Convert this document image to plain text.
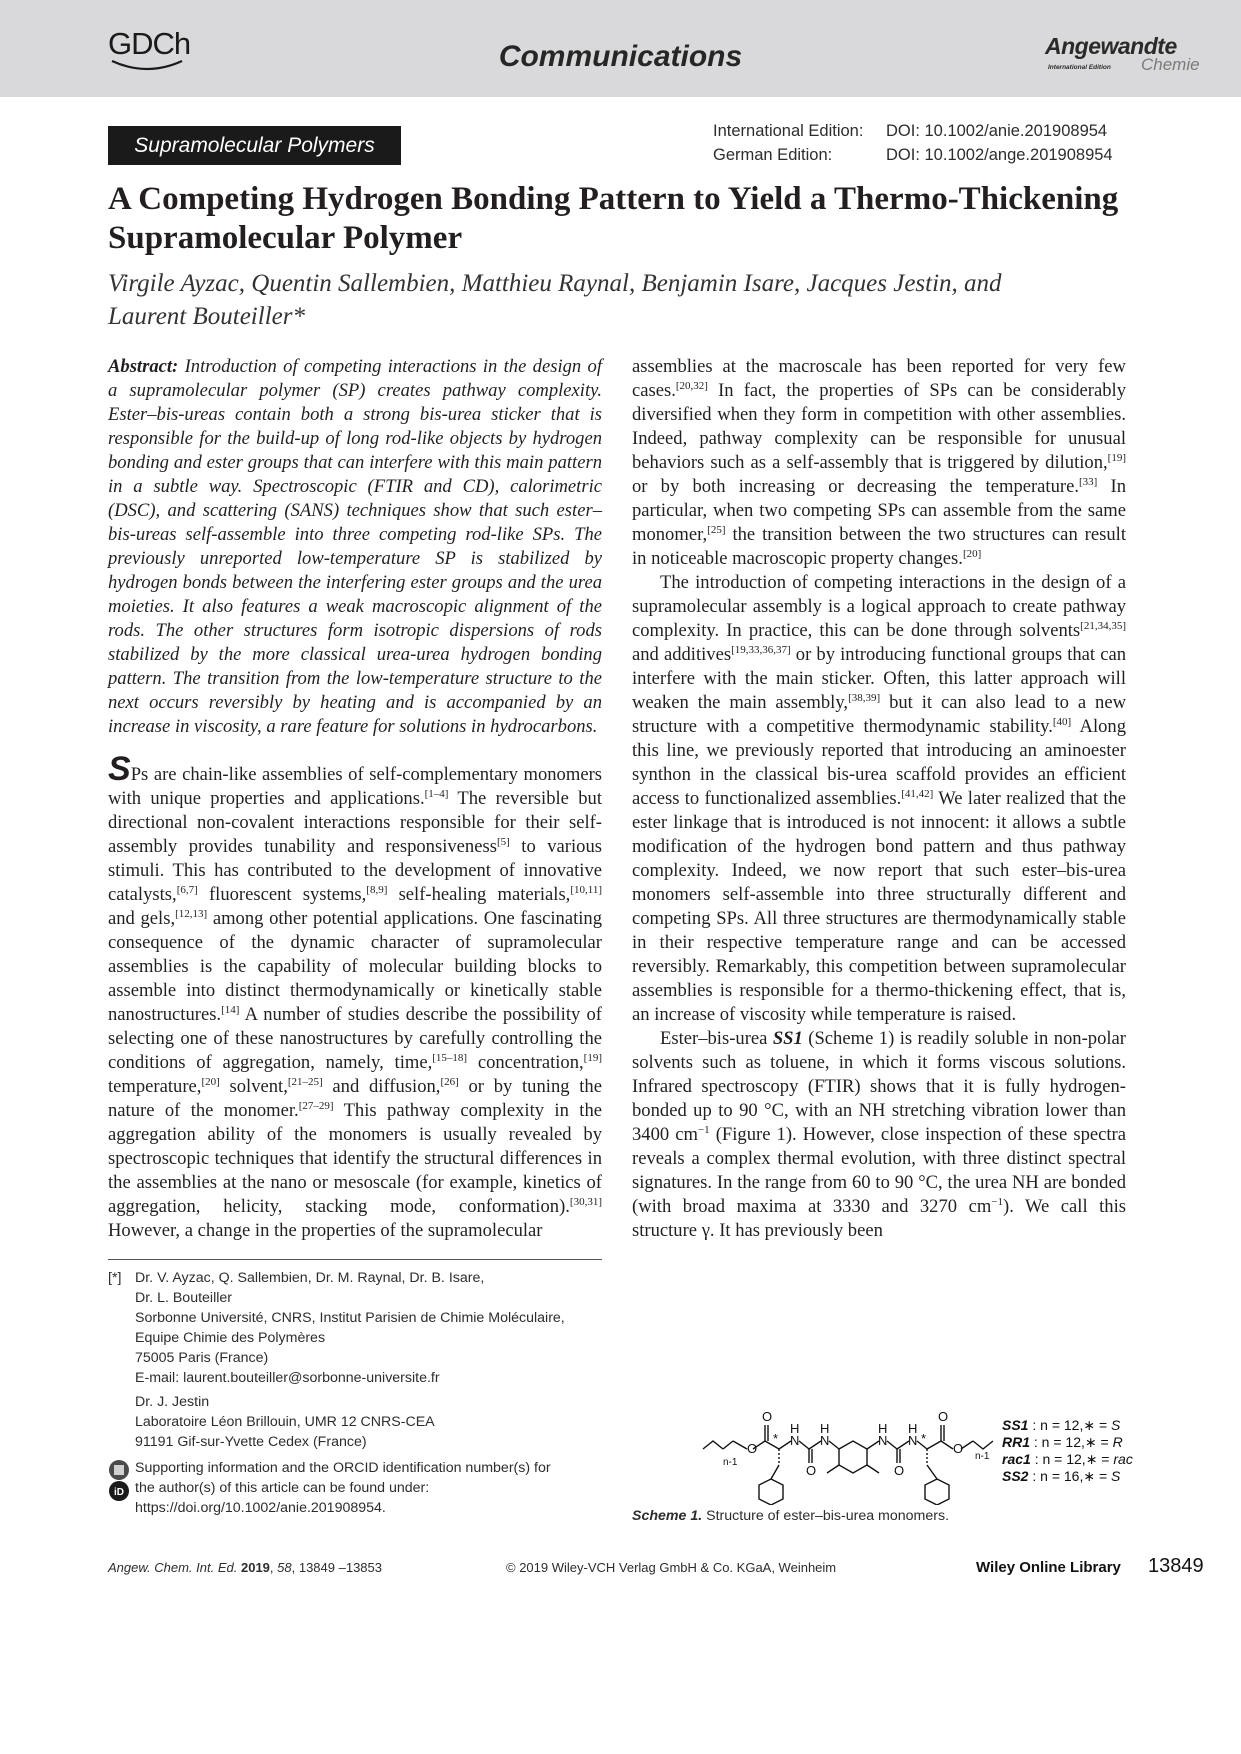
GDCh	Communications	Angewandte
International Edition Chemie
Supramolecular Polymers
International Edition: DOI: 10.1002/anie.201908954
German Edition:	DOI: 10.1002/ange.201908954
A Competing Hydrogen Bonding Pattern to Yield a Thermo-Thickening Supramolecular Polymer
Virgile Ayzac, Quentin Sallembien, Matthieu Raynal, Benjamin Isare, Jacques Jestin, and
Laurent Bouteiller*

Abstract: Introduction of competing interactions in the design of a supramolecular polymer (SP) creates pathway complexity. Ester–bis-ureas contain both a strong bis-urea sticker that is responsible for the build-up of long rod-like objects by hydrogen bonding and ester groups that can interfere with this main pattern in a subtle way. Spectroscopic (FTIR and CD), calorimetric (DSC), and scattering (SANS) techniques show that such ester–bis-ureas self-assemble into three competing rod-like SPs. The previously unreported low-temperature SP is stabilized by hydrogen bonds between the interfering ester groups and the urea moieties. It also features a weak macroscopic alignment of the rods. The other structures form isotropic dispersions of rods stabilized by the more classical urea-urea hydrogen bonding pattern. The transition from the low-temperature structure to the next occurs reversibly by heating and is accompanied by an increase in viscosity, a rare feature for solutions in hydrocarbons.

SPs are chain-like assemblies of self-complementary monomers with unique properties and applications.[1–4] The reversible but directional non-covalent interactions responsible for their self-assembly provides tunability and responsiveness[5] to various stimuli. This has contributed to the development of innovative catalysts,[6,7] fluorescent systems,[8,9] self-healing materials,[10,11] and gels,[12,13] among other potential applications. One fascinating consequence of the dynamic character of supramolecular assemblies is the capability of molecular building blocks to assemble into distinct thermodynamically or kinetically stable nanostructures.[14] A number of studies describe the possibility of selecting one of these nanostructures by carefully controlling the conditions of aggregation, namely, time,[15–18] concentration,[19] temperature,[20] solvent,[21–25] and diffusion,[26] or by tuning the nature of the monomer.[27–29] This pathway complexity in the aggregation ability of the monomers is usually revealed by spectroscopic techniques that identify the structural differences in the assemblies at the nano or mesoscale (for example, kinetics of aggregation, helicity, stacking mode, conformation).[30,31] However, a change in the properties of the supramolecular

assemblies at the macroscale has been reported for very few cases.[20,32] In fact, the properties of SPs can be considerably diversified when they form in competition with other assemblies. Indeed, pathway complexity can be responsible for unusual behaviors such as a self-assembly that is triggered by dilution,[19] or by both increasing or decreasing the temperature.[33] In particular, when two competing SPs can assemble from the same monomer,[25] the transition between the two structures can result in noticeable macroscopic property changes.[20]

The introduction of competing interactions in the design of a supramolecular assembly is a logical approach to create pathway complexity. In practice, this can be done through solvents[21,34,35] and additives[19,33,36,37] or by introducing functional groups that can interfere with the main sticker. Often, this latter approach will weaken the main assembly,[38,39] but it can also lead to a new structure with a competitive thermodynamic stability.[40] Along this line, we previously reported that introducing an aminoester synthon in the classical bis-urea scaffold provides an efficient access to functionalized assemblies.[41,42] We later realized that the ester linkage that is introduced is not innocent: it allows a subtle modification of the hydrogen bond pattern and thus pathway complexity. Indeed, we now report that such ester–bis-urea monomers self-assemble into three structurally different and competing SPs. All three structures are thermodynamically stable in their respective temperature range and can be accessed reversibly. Remarkably, this competition between supramolecular assemblies is responsible for a thermo-thickening effect, that is, an increase of viscosity while temperature is raised.

Ester–bis-urea SS1 (Scheme 1) is readily soluble in non-polar solvents such as toluene, in which it forms viscous solutions. Infrared spectroscopy (FTIR) shows that it is fully hydrogen-bonded up to 90 °C, with an NH stretching vibration lower than 3400 $cm^{-1}$ (Figure 1). However, close inspection of these spectra reveals a complex thermal evolution, with three distinct spectral signatures. In the range from 60 to 90 °C, the urea NH are bonded (with broad maxima at 3330 and 3270 $cm^{-1}$). We call this structure γ. It has previously been

[*] Dr. V. Ayzac, Q. Sallembien, Dr. M. Raynal, Dr. B. Isare,
Dr. L. Bouteiller
Sorbonne Université, CNRS, Institut Parisien de Chimie Moléculaire,
Equipe Chimie des Polymères
75005 Paris (France)
E-mail: laurent.bouteiller@sorbonne-universite.fr
Dr. J. Jestin
Laboratoire Léon Brillouin, UMR 12 CNRS-CEA
91191 Gif-sur-Yvette Cedex (France)
iD
Supporting information and the ORCID identification number(s) for
the author(s) of this article can be found under:
https://doi.org/10.1002/anie.201908954.
O
O
*
H
N
O
H
N
H
N
O
H
N *
O
O
n-1
n-1
SS1 : n = 12,∗ = S
RR1 : n = 12,∗ = R
rac1 : n = 12,∗ = rac
SS2 : n = 16,∗ = S
Scheme 1. Structure of ester–bis-urea monomers.
Angew. Chem. Int. Ed. 2019, 58, 13849 –13853	© 2019 Wiley-VCH Verlag GmbH & Co. KGaA, Weinheim	Wiley Online Library 13849
